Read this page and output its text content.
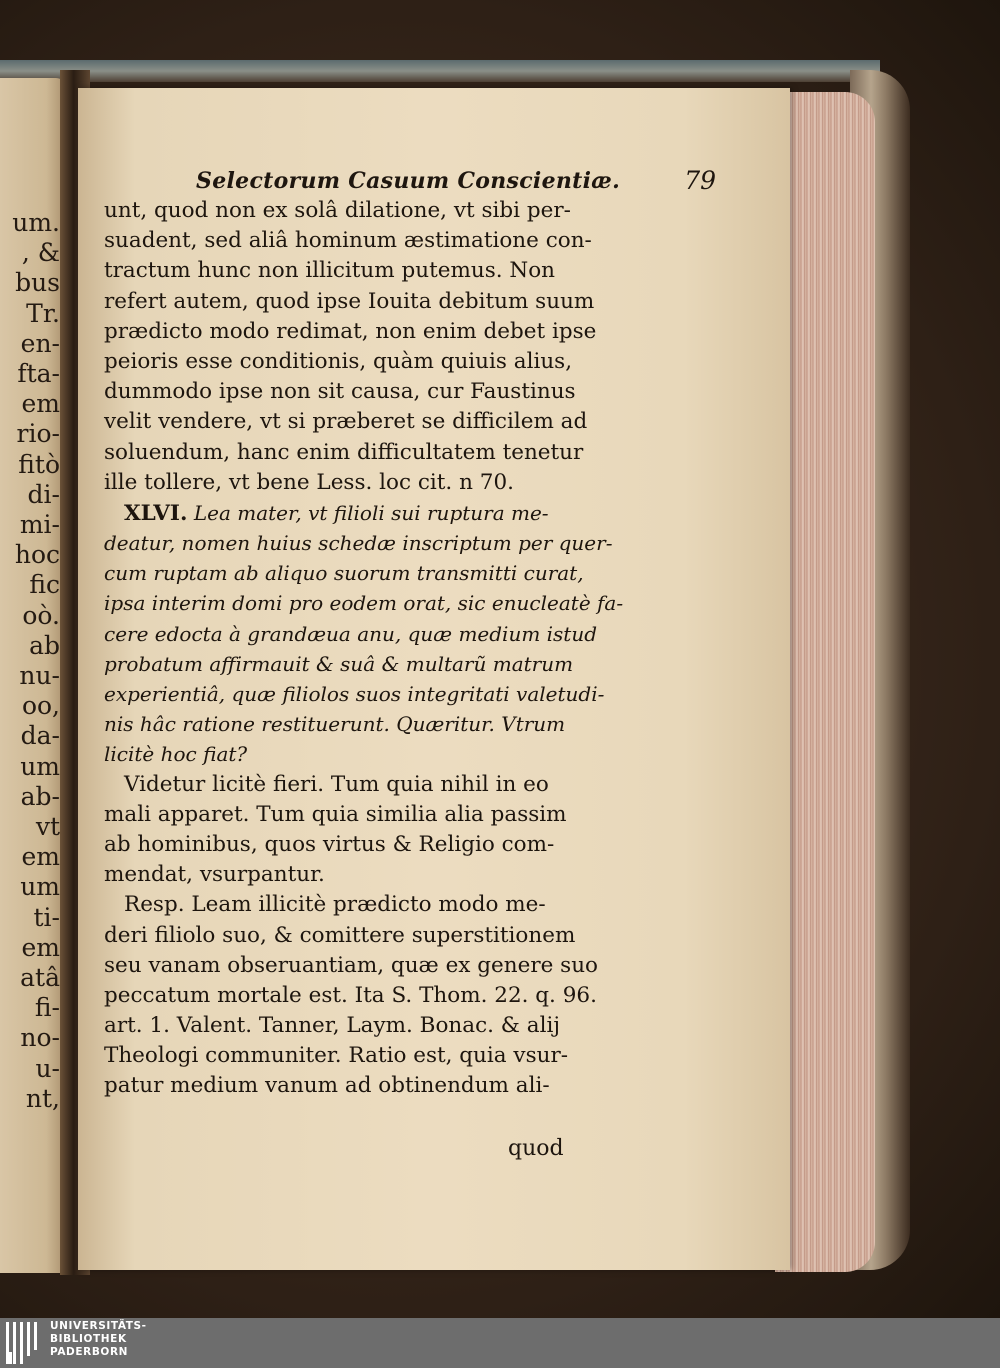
um.
, &
bus
Tr.
en-
fta-
em
rio-
fitò
di-
mi-
hoc
fic
oò.
ab
nu-
oo,
da-
um
ab-
vt
em
um
ti-
em
atâ
fi-
no-
u-
nt,
Selectorum Casuum Conscientiæ.	79
unt, quod non ex solâ dilatione, vt sibi per-
suadent, sed aliâ hominum æstimatione con-
tractum hunc non illicitum putemus. Non
refert autem, quod ipse Iouita debitum suum
prædicto modo redimat, non enim debet ipse
peioris esse conditionis, quàm quiuis alius,
dummodo ipse non sit causa, cur Faustinus
velit vendere, vt si præberet se difficilem ad
soluendum, hanc enim difficultatem tenetur
ille tollere, vt bene Less. loc cit. n 70.
XLVI. Lea mater, vt filioli sui ruptura me-
deatur, nomen huius schedæ inscriptum per quer-
cum ruptam ab aliquo suorum transmitti curat,
ipsa interim domi pro eodem orat, sic enucleatè fa-
cere edocta à grandæua anu, quæ medium istud
probatum affirmauit & suâ & multarũ matrum
experientiâ, quæ filiolos suos integritati valetudi-
nis hâc ratione restituerunt. Quæritur. Vtrum
licitè hoc fiat?
Videtur licitè fieri. Tum quia nihil in eo
mali apparet. Tum quia similia alia passim
ab hominibus, quos virtus & Religio com-
mendat, vsurpantur.
Resp. Leam illicitè prædicto modo me-
deri filiolo suo, & comittere superstitionem
seu vanam obseruantiam, quæ ex genere suo
peccatum mortale est. Ita S. Thom. 22. q. 96.
art. 1. Valent. Tanner, Laym. Bonac. & alij
Theologi communiter. Ratio est, quia vsur-
patur medium vanum ad obtinendum ali-
quod
UNIVERSITÄTS-
BIBLIOTHEK
PADERBORN
